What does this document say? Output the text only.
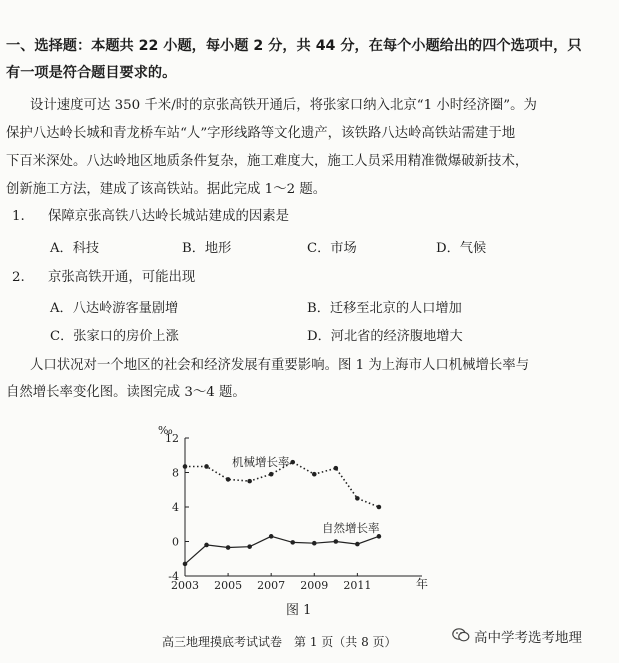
一、选择题：本题共 22 小题，每小题 2 分，共 44 分，在每个小题给出的四个选项中，只
有一项是符合题目要求的。
设计速度可达 350 千米/时的京张高铁开通后，将张家口纳入北京“1 小时经济圈”。为
保护八达岭长城和青龙桥车站“人”字形线路等文化遗产，该铁路八达岭高铁站需建于地
下百米深处。八达岭地区地质条件复杂，施工难度大，施工人员采用精准微爆破新技术，
创新施工方法，建成了该高铁站。据此完成 1～2 题。
1. 保障京张高铁八达岭长城站建成的因素是
A．科技	B．地形	C．市场	D．气候
2. 京张高铁开通，可能出现
A．八达岭游客量剧增	B．迁移至北京的人口增加
C．张家口的房价上涨	D．河北省的经济腹地增大
人口状况对一个地区的社会和经济发展有重要影响。图 1 为上海市人口机械增长率与
自然增长率变化图。读图完成 3～4 题。
‰
年
-4
0
4
8
12
2003 2005 2007 2009 2011
机械增长率
自然增长率
图 1
高三地理摸底考试试卷　第 1 页（共 8 页）	高中学考选考地理
